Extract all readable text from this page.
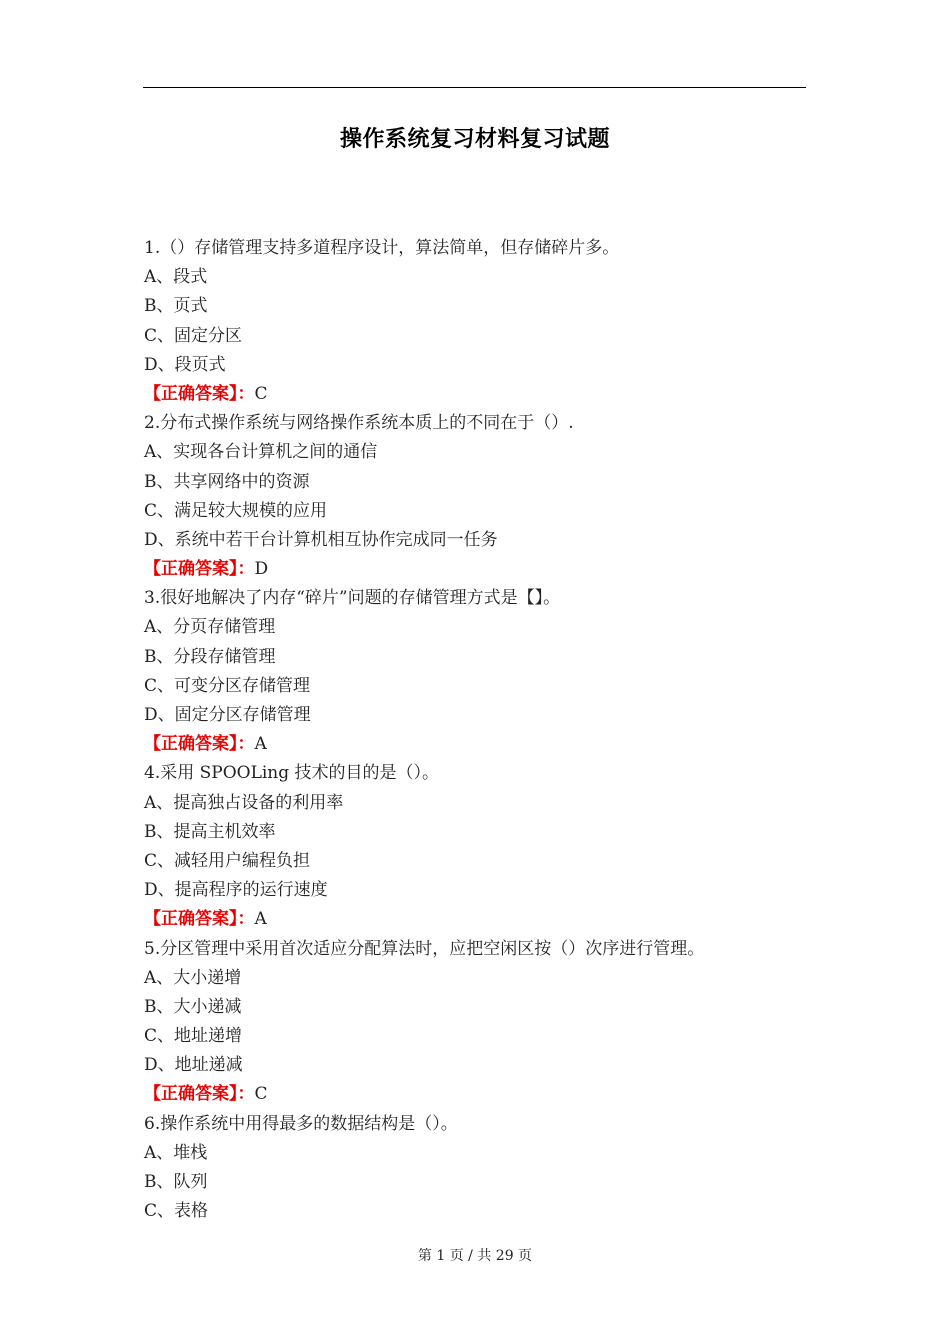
操作系统复习材料复习试题
1.（）存储管理支持多道程序设计，算法简单，但存储碎片多。
A、段式
B、页式
C、固定分区
D、段页式
【正确答案】：C
2.分布式操作系统与网络操作系统本质上的不同在于（）.
A、实现各台计算机之间的通信
B、共享网络中的资源
C、满足较大规模的应用
D、系统中若干台计算机相互协作完成同一任务
【正确答案】：D
3.很好地解决了内存“碎片”问题的存储管理方式是【】。
A、分页存储管理
B、分段存储管理
C、可变分区存储管理
D、固定分区存储管理
【正确答案】：A
4.采用 SPOOLing 技术的目的是（）。
A、提高独占设备的利用率
B、提高主机效率
C、减轻用户编程负担
D、提高程序的运行速度
【正确答案】：A
5.分区管理中采用首次适应分配算法时，应把空闲区按（）次序进行管理。
A、大小递增
B、大小递减
C、地址递增
D、地址递减
【正确答案】：C
6.操作系统中用得最多的数据结构是（）。
A、堆栈
B、队列
C、表格
第 1 页 / 共 29 页
